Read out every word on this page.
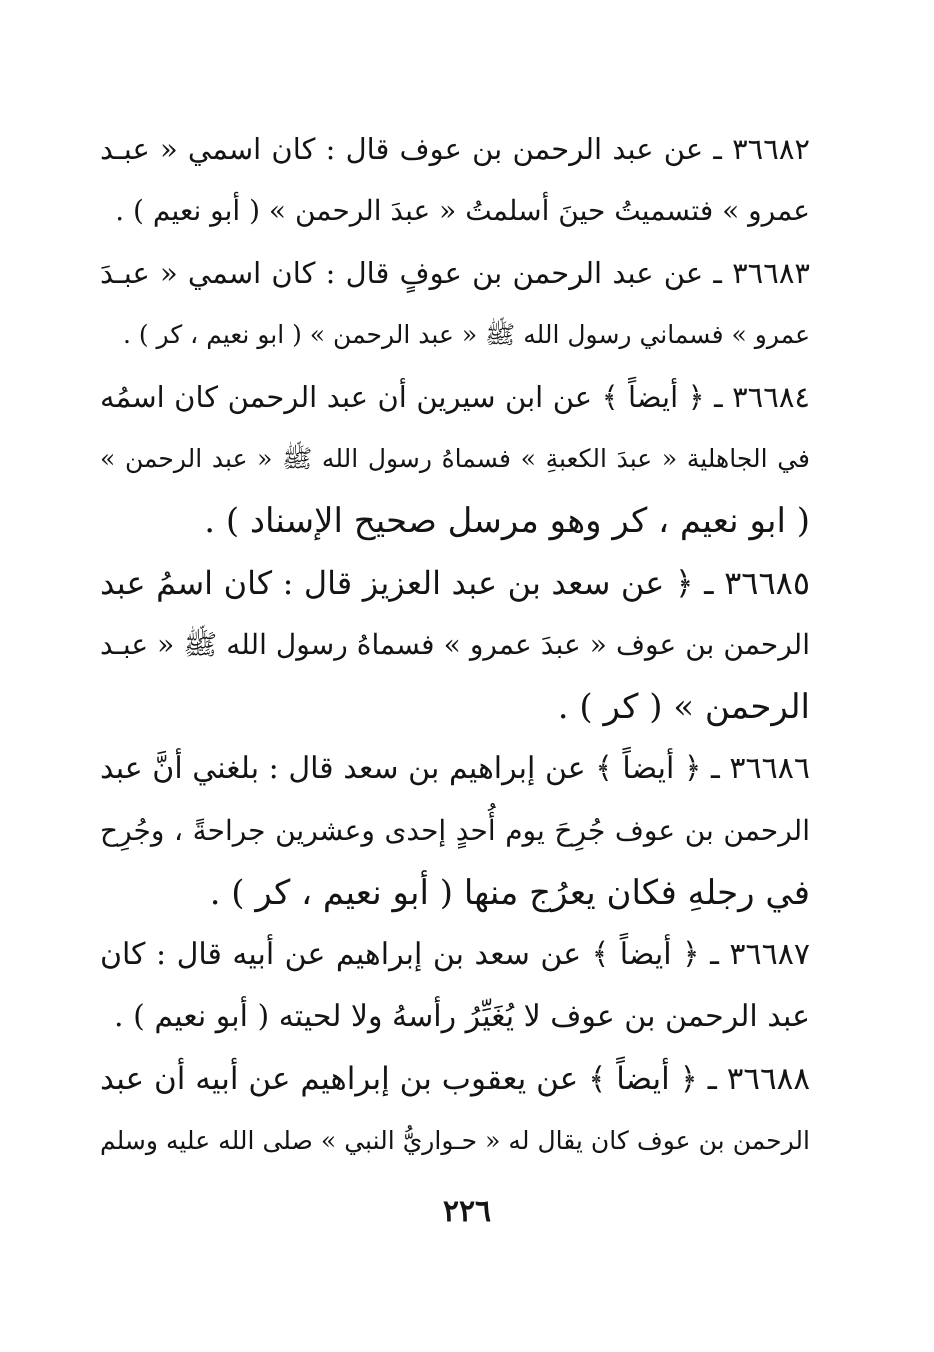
٣٦٦٨٢ ـ عن عبد الرحمن بن عوف قال : كان اسمي « عبـد
عمرو » فتسميتُ حينَ أسلمتُ « عبدَ الرحمن » ( أبو نعيم ) .
٣٦٦٨٣ ـ عن عبد الرحمن بن عوفٍ قال : كان اسمي « عبـدَ
عمرو » فسماني رسول الله ﷺ « عبد الرحمن » ( ابو نعيم ، كر ) .
٣٦٦٨٤ ـ ﴿ أيضاً ﴾ عن ابن سيرين أن عبد الرحمن كان اسمُه
في الجاهلية « عبدَ الكعبةِ » فسماهُ رسول الله ﷺ « عبد الرحمن »
( ابو نعيم ، كر وهو مرسل صحيح الإسناد ) .
٣٦٦٨٥ ـ ﴿ عن سعد بن عبد العزيز قال : كان اسمُ عبد
الرحمن بن عوف « عبدَ عمرو » فسماهُ رسول الله ﷺ « عبـد
الرحمن » ( كر ) .
٣٦٦٨٦ ـ ﴿ أيضاً ﴾ عن إبراهيم بن سعد قال : بلغني أنَّ عبد
الرحمن بن عوف جُرِحَ يوم أُحدٍ إحدى وعشرين جراحةً ، وجُرِح
في رجلهِ فكان يعرُج منها ( أبو نعيم ، كر ) .
٣٦٦٨٧ ـ ﴿ أيضاً ﴾ عن سعد بن إبراهيم عن أبيه قال : كان
عبد الرحمن بن عوف لا يُغَيِّرُ رأسهُ ولا لحيته ( أبو نعيم ) .
٣٦٦٨٨ ـ ﴿ أيضاً ﴾ عن يعقوب بن إبراهيم عن أبيه أن عبد
الرحمن بن عوف كان يقال له « حـواريُّ النبي » صلى الله عليه وسلم
٢٢٦
